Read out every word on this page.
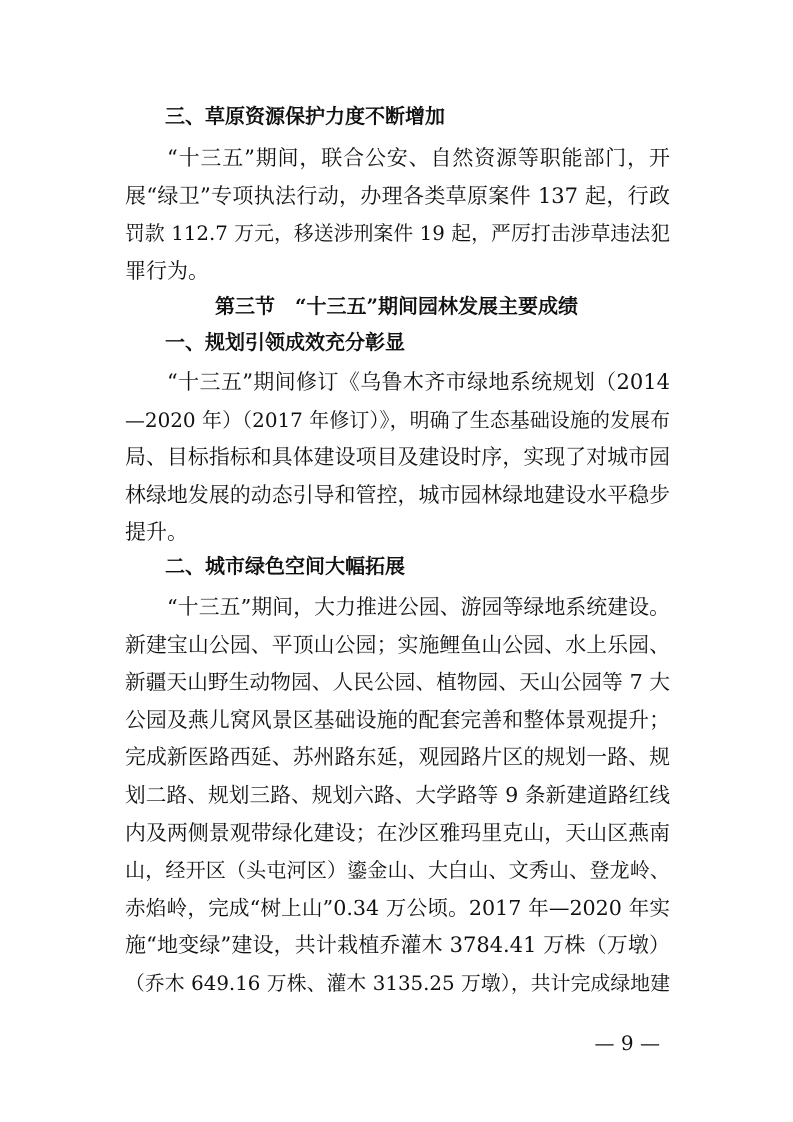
三、草原资源保护力度不断增加
“十三五”期间，联合公安、自然资源等职能部门，开
展“绿卫”专项执法行动，办理各类草原案件 137 起，行政
罚款 112.7 万元，移送涉刑案件 19 起，严厉打击涉草违法犯
罪行为。
第三节　“十三五”期间园林发展主要成绩
一、规划引领成效充分彰显
“十三五”期间修订《乌鲁木齐市绿地系统规划（2014
—2020 年）（2017 年修订）》，明确了生态基础设施的发展布
局、目标指标和具体建设项目及建设时序，实现了对城市园
林绿地发展的动态引导和管控，城市园林绿地建设水平稳步
提升。
二、城市绿色空间大幅拓展
“十三五”期间，大力推进公园、游园等绿地系统建设。
新建宝山公园、平顶山公园；实施鲤鱼山公园、水上乐园、
新疆天山野生动物园、人民公园、植物园、天山公园等 7 大
公园及燕儿窝风景区基础设施的配套完善和整体景观提升；
完成新医路西延、苏州路东延，观园路片区的规划一路、规
划二路、规划三路、规划六路、大学路等 9 条新建道路红线
内及两侧景观带绿化建设；在沙区雅玛里克山，天山区燕南
山，经开区（头屯河区）鎏金山、大白山、文秀山、登龙岭、
赤焰岭，完成“树上山”0.34 万公顷。2017 年—2020 年实
施“地变绿”建设，共计栽植乔灌木 3784.41 万株（万墩）
（乔木 649.16 万株、灌木 3135.25 万墩），共计完成绿地建
— 9 —
